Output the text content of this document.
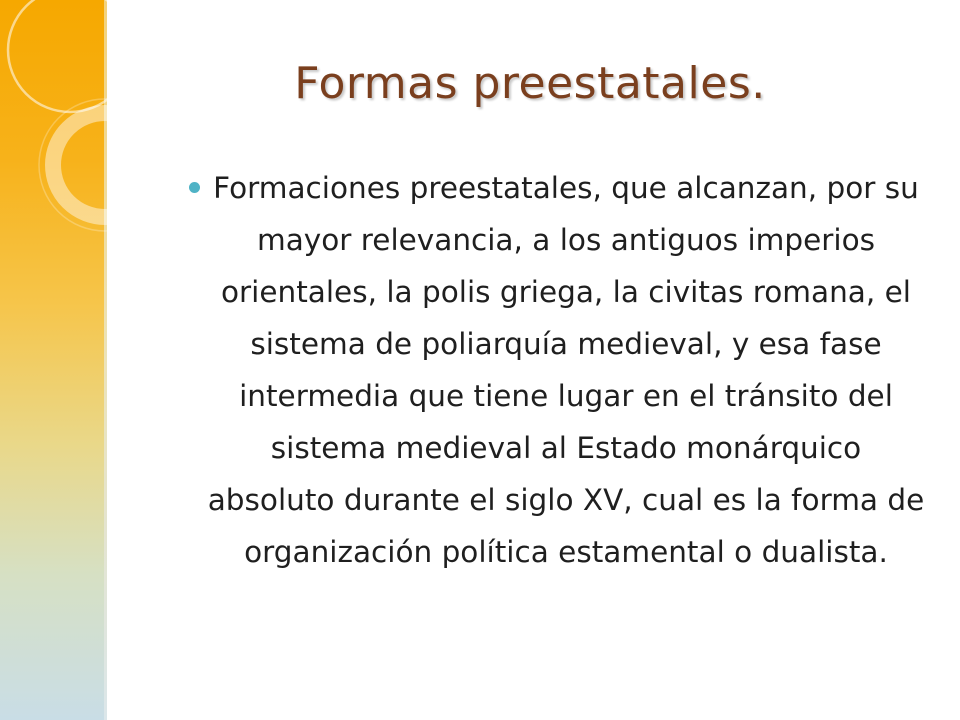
Formas preestatales.

Formaciones preestatales, que alcanzan, por su mayor relevancia, a los antiguos imperios orientales, la polis griega, la civitas romana, el sistema de poliarquía medieval, y esa fase intermedia que tiene lugar en el tránsito del sistema medieval al Estado monárquico absoluto durante el siglo XV, cual es la forma de organización política estamental o dualista.
